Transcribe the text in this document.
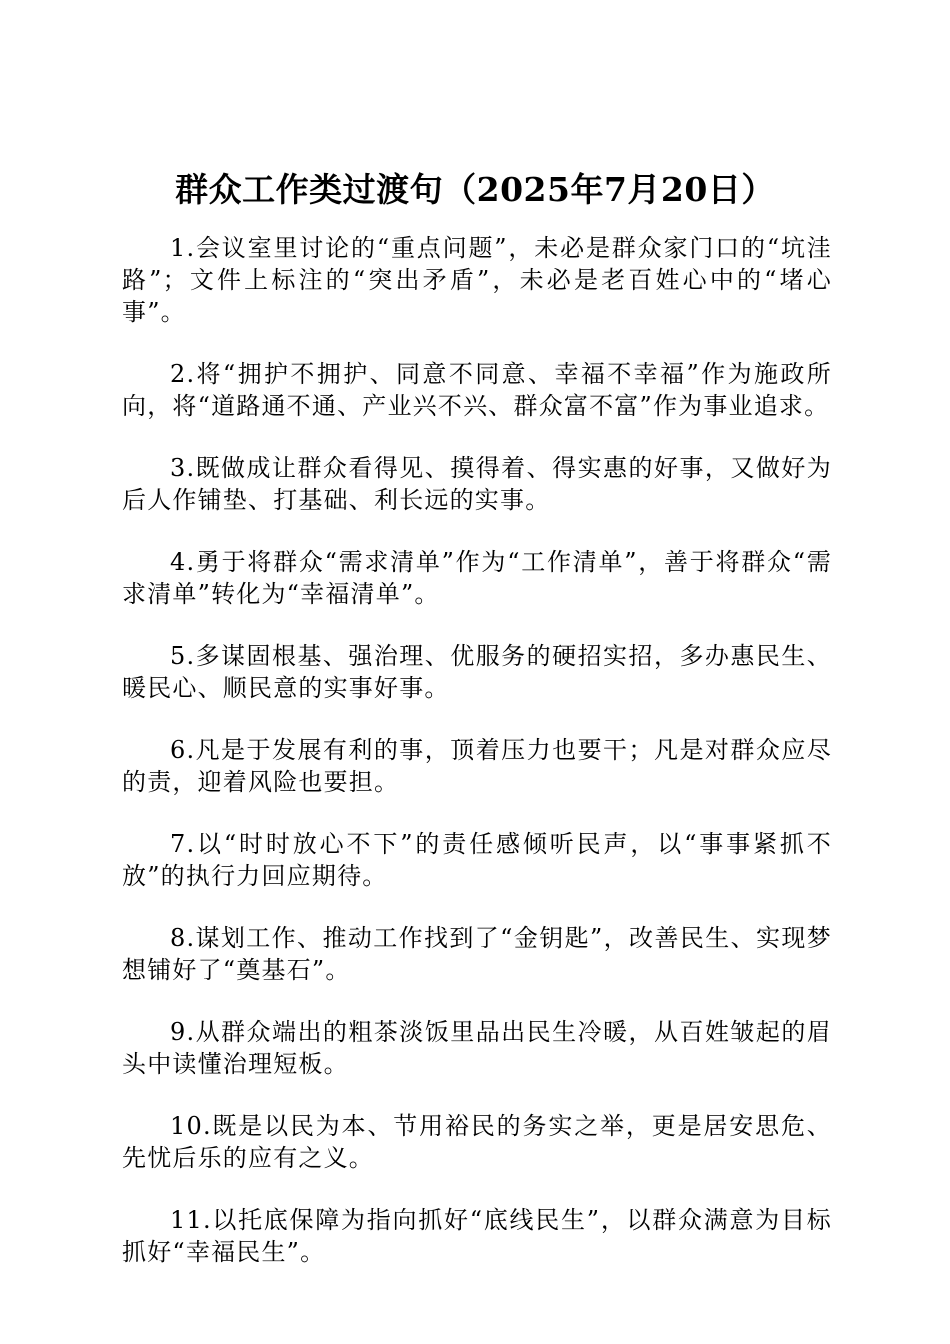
群众工作类过渡句（2025年7月20日）

1.会议室里讨论的“重点问题”，未必是群众家门口的“坑洼路”；文件上标注的“突出矛盾”，未必是老百姓心中的“堵心事”。

2.将“拥护不拥护、同意不同意、幸福不幸福”作为施政所向，将“道路通不通、产业兴不兴、群众富不富”作为事业追求。

3.既做成让群众看得见、摸得着、得实惠的好事，又做好为后人作铺垫、打基础、利长远的实事。

4.勇于将群众“需求清单”作为“工作清单”，善于将群众“需求清单”转化为“幸福清单”。

5.多谋固根基、强治理、优服务的硬招实招，多办惠民生、暖民心、顺民意的实事好事。

6.凡是于发展有利的事，顶着压力也要干；凡是对群众应尽的责，迎着风险也要担。

7.以“时时放心不下”的责任感倾听民声，以“事事紧抓不放”的执行力回应期待。

8.谋划工作、推动工作找到了“金钥匙”，改善民生、实现梦想铺好了“奠基石”。

9.从群众端出的粗茶淡饭里品出民生冷暖，从百姓皱起的眉头中读懂治理短板。

10.既是以民为本、节用裕民的务实之举，更是居安思危、先忧后乐的应有之义。

11.以托底保障为指向抓好“底线民生”，以群众满意为目标抓好“幸福民生”。
